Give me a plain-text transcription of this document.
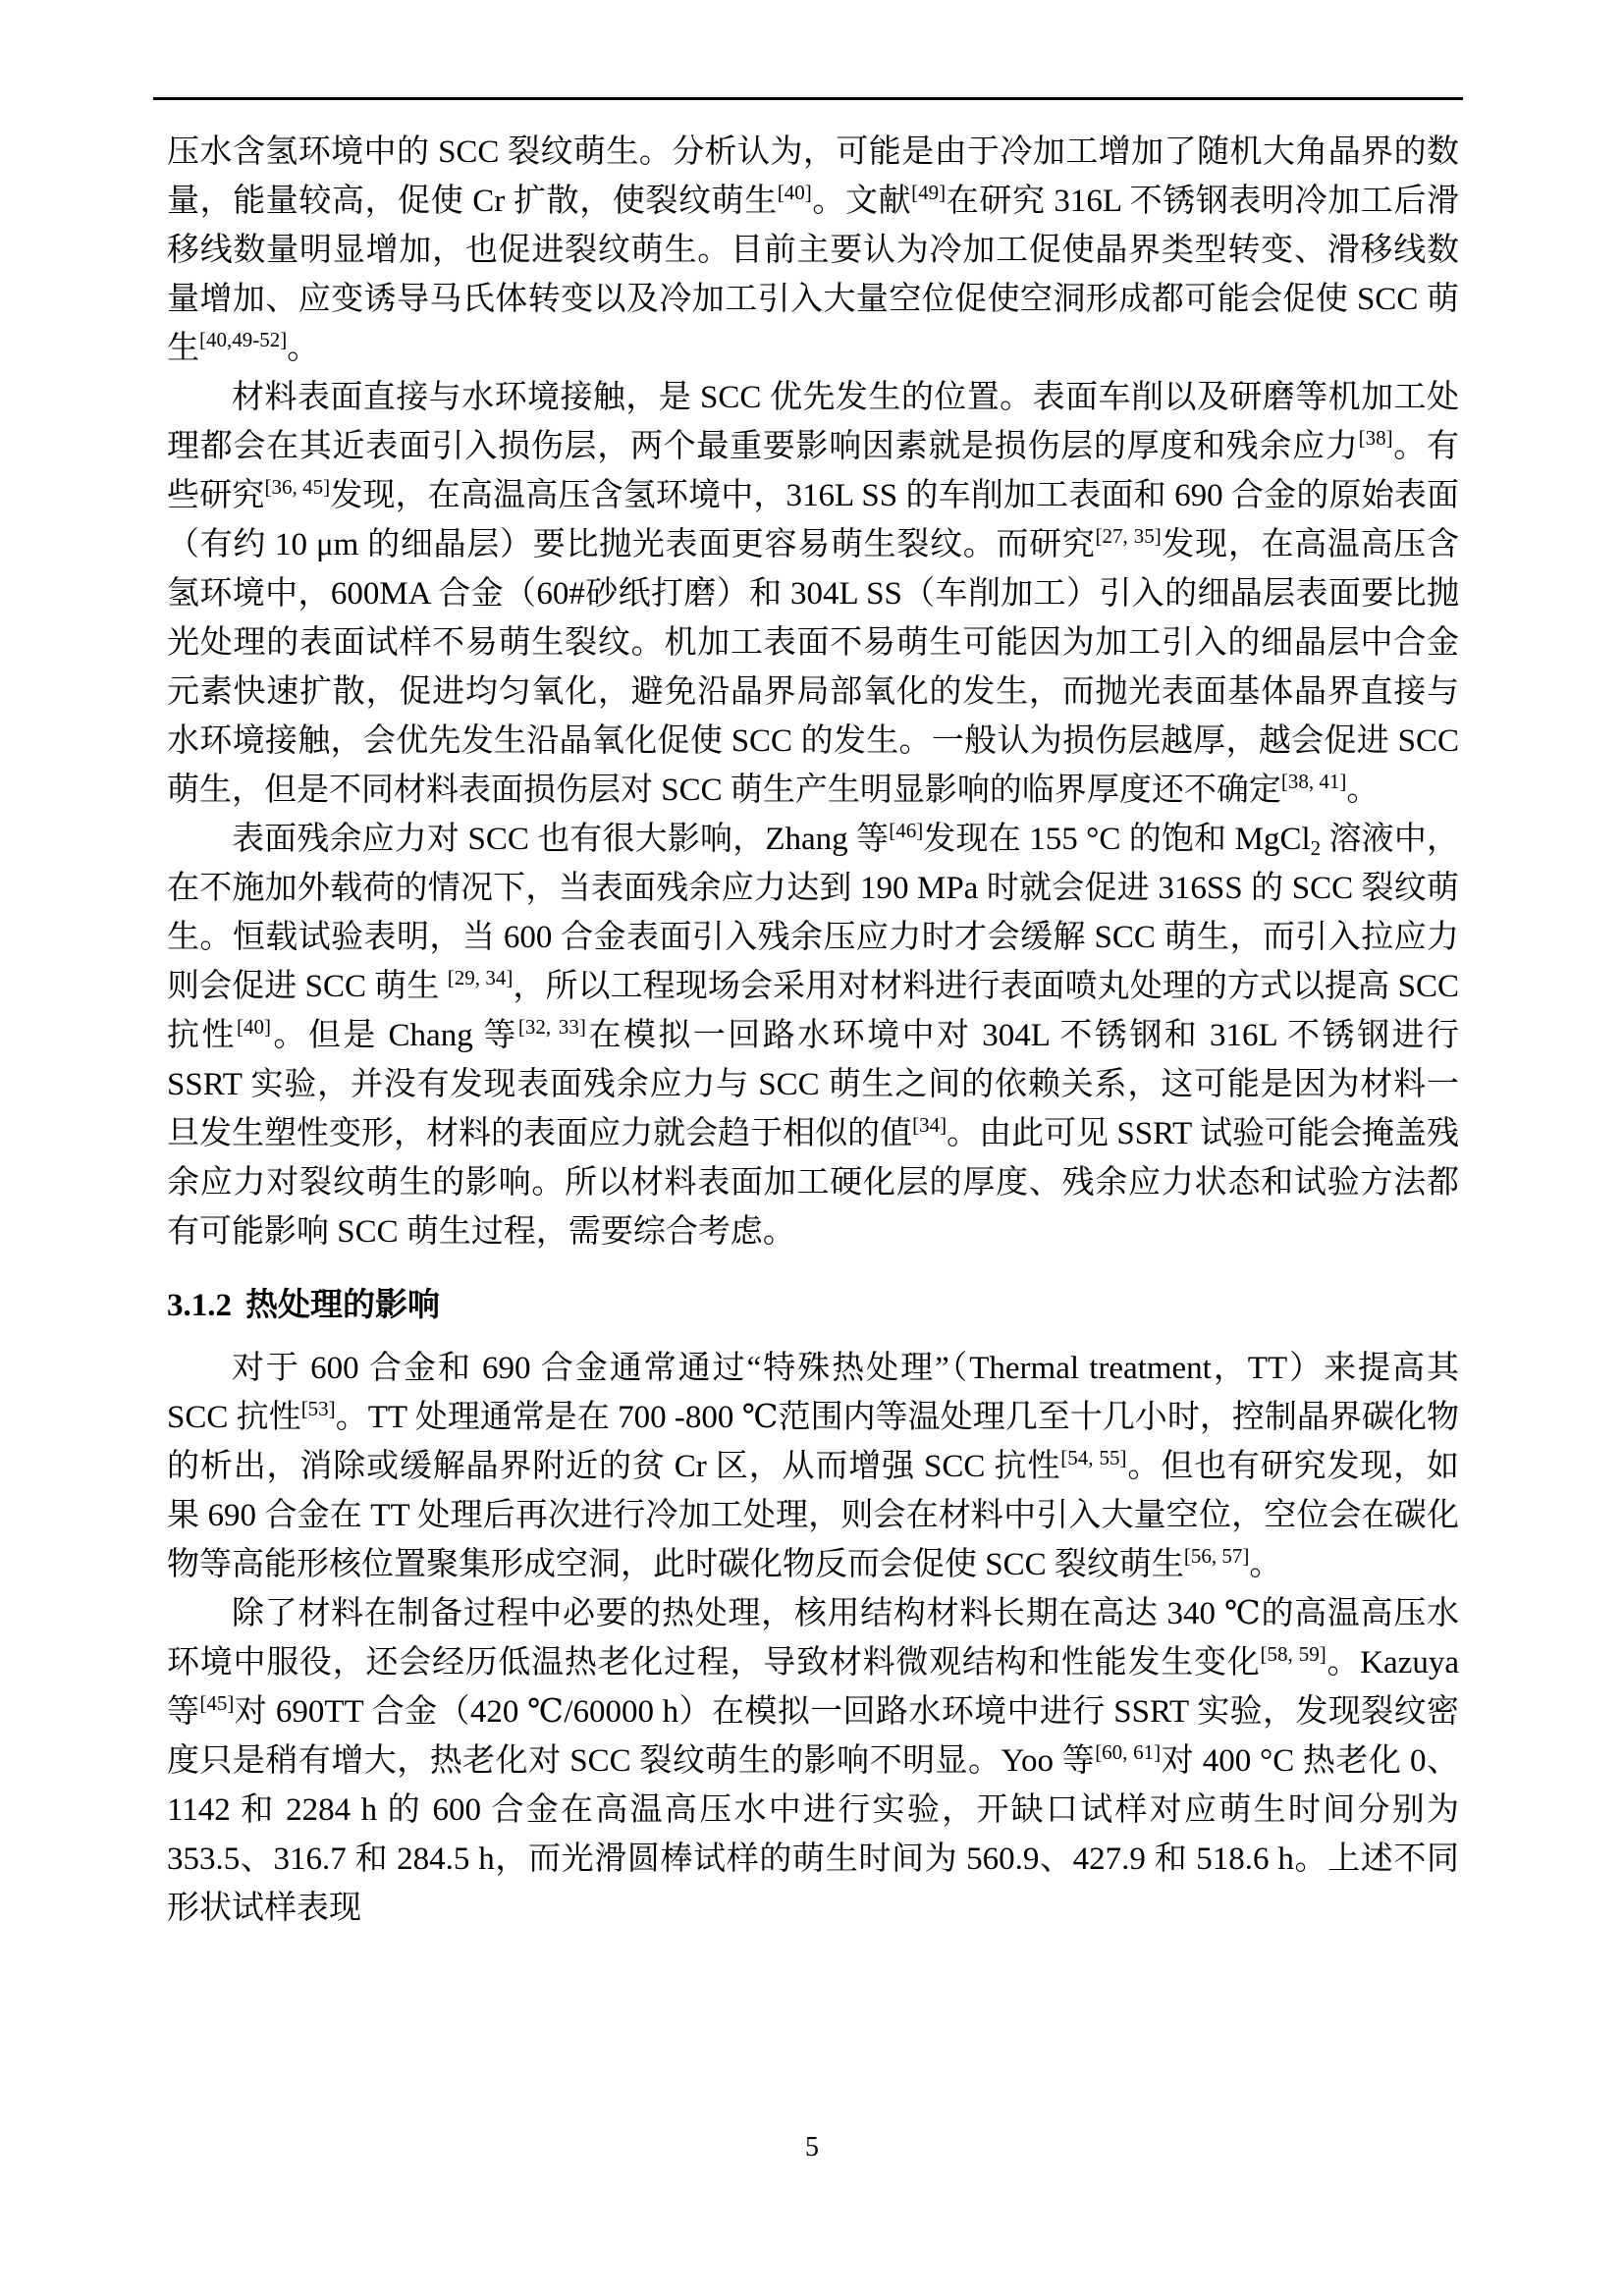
压水含氢环境中的 SCC 裂纹萌生。分析认为，可能是由于冷加工增加了随机大角晶界的数量，能量较高，促使 Cr 扩散，使裂纹萌生[40]。文献[49]在研究 316L 不锈钢表明冷加工后滑移线数量明显增加，也促进裂纹萌生。目前主要认为冷加工促使晶界类型转变、滑移线数量增加、应变诱导马氏体转变以及冷加工引入大量空位促使空洞形成都可能会促使 SCC 萌生[40,49-52]。

材料表面直接与水环境接触，是 SCC 优先发生的位置。表面车削以及研磨等机加工处理都会在其近表面引入损伤层，两个最重要影响因素就是损伤层的厚度和残余应力[38]。有些研究[36, 45]发现，在高温高压含氢环境中，316L SS 的车削加工表面和 690 合金的原始表面（有约 10 μm 的细晶层）要比抛光表面更容易萌生裂纹。而研究[27, 35]发现，在高温高压含氢环境中，600MA 合金（60#砂纸打磨）和 304L SS（车削加工）引入的细晶层表面要比抛光处理的表面试样不易萌生裂纹。机加工表面不易萌生可能因为加工引入的细晶层中合金元素快速扩散，促进均匀氧化，避免沿晶界局部氧化的发生，而抛光表面基体晶界直接与水环境接触，会优先发生沿晶氧化促使 SCC 的发生。一般认为损伤层越厚，越会促进 SCC 萌生，但是不同材料表面损伤层对 SCC 萌生产生明显影响的临界厚度还不确定[38, 41]。

表面残余应力对 SCC 也有很大影响，Zhang 等[46]发现在 155 °C 的饱和 MgCl$_2$ 溶液中，在不施加外载荷的情况下，当表面残余应力达到 190 MPa 时就会促进 316SS 的 SCC 裂纹萌生。恒载试验表明，当 600 合金表面引入残余压应力时才会缓解 SCC 萌生，而引入拉应力则会促进 SCC 萌生 [29, 34]，所以工程现场会采用对材料进行表面喷丸处理的方式以提高 SCC 抗性[40]。但是 Chang 等[32, 33]在模拟一回路水环境中对 304L 不锈钢和 316L 不锈钢进行 SSRT 实验，并没有发现表面残余应力与 SCC 萌生之间的依赖关系，这可能是因为材料一旦发生塑性变形，材料的表面应力就会趋于相似的值[34]。由此可见 SSRT 试验可能会掩盖残余应力对裂纹萌生的影响。所以材料表面加工硬化层的厚度、残余应力状态和试验方法都有可能影响 SCC 萌生过程，需要综合考虑。

3.1.2 热处理的影响

对于 600 合金和 690 合金通常通过“特殊热处理”（Thermal treatment，TT）来提高其 SCC 抗性[53]。TT 处理通常是在 700 -800 ℃范围内等温处理几至十几小时，控制晶界碳化物的析出，消除或缓解晶界附近的贫 Cr 区，从而增强 SCC 抗性[54, 55]。但也有研究发现，如果 690 合金在 TT 处理后再次进行冷加工处理，则会在材料中引入大量空位，空位会在碳化物等高能形核位置聚集形成空洞，此时碳化物反而会促使 SCC 裂纹萌生[56, 57]。

除了材料在制备过程中必要的热处理，核用结构材料长期在高达 340 ℃的高温高压水环境中服役，还会经历低温热老化过程，导致材料微观结构和性能发生变化[58, 59]。Kazuya 等[45]对 690TT 合金（420 ℃/60000 h）在模拟一回路水环境中进行 SSRT 实验，发现裂纹密度只是稍有增大，热老化对 SCC 裂纹萌生的影响不明显。Yoo 等[60, 61]对 400 °C 热老化 0、1142 和 2284 h 的 600 合金在高温高压水中进行实验，开缺口试样对应萌生时间分别为 353.5、316.7 和 284.5 h，而光滑圆棒试样的萌生时间为 560.9、427.9 和 518.6 h。上述不同形状试样表现

5
